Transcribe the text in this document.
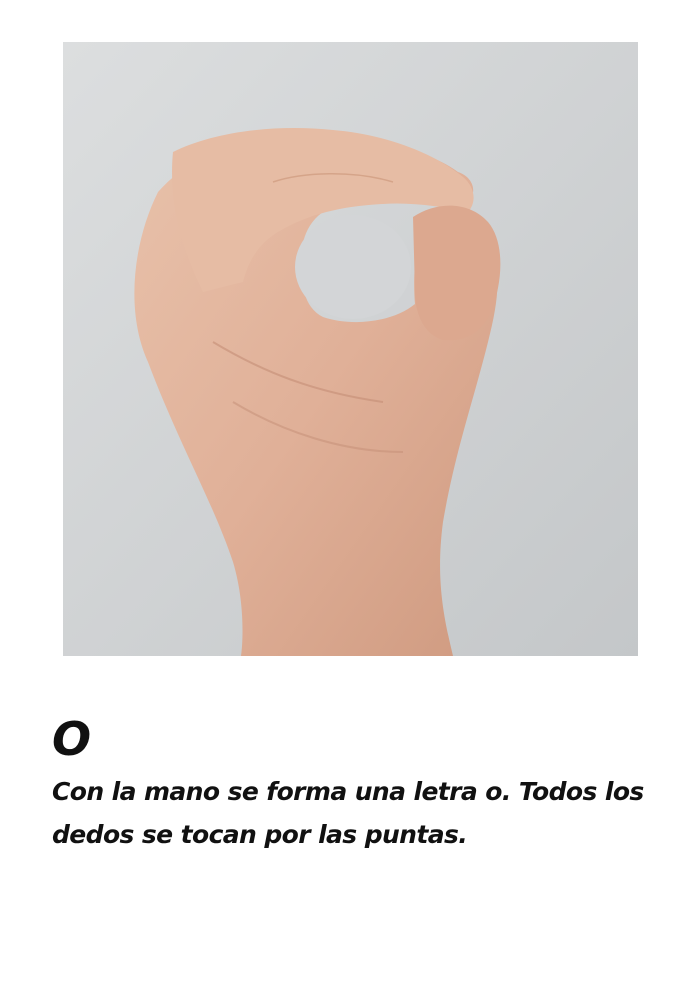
O

Con la mano se forma una letra o. Todos los dedos se tocan por las puntas.
